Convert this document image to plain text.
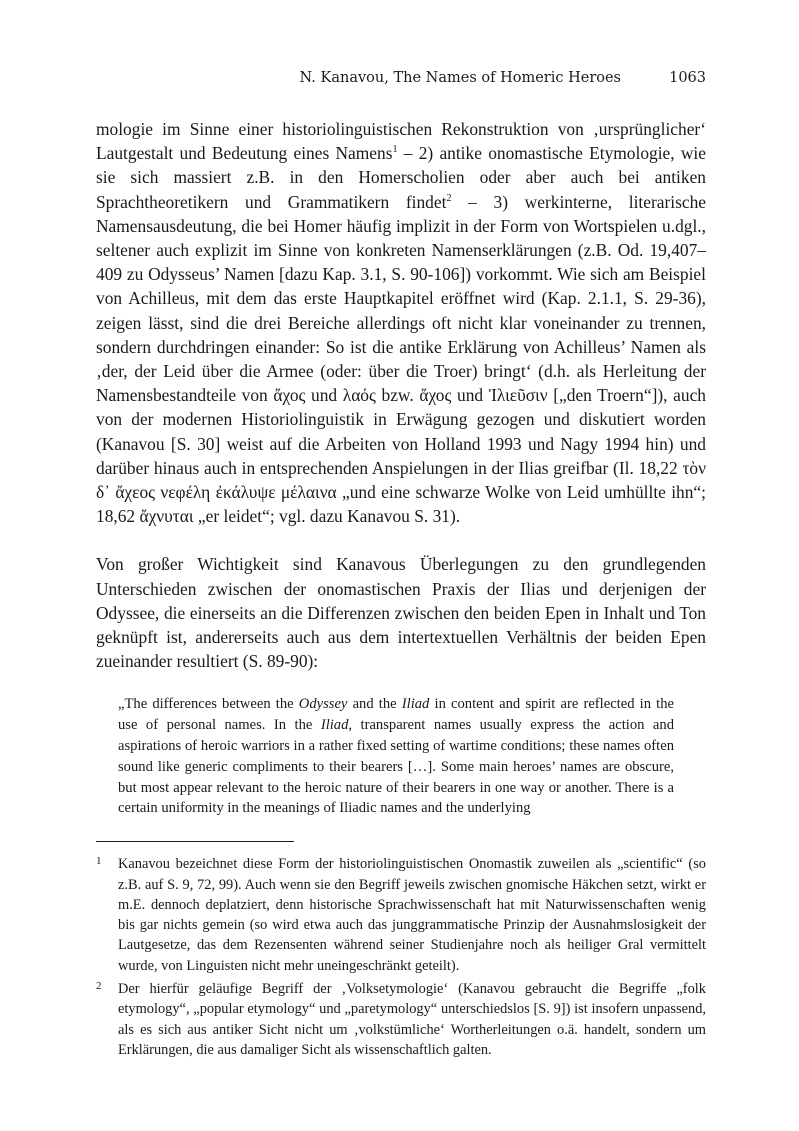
N. Kanavou, The Names of Homeric Heroes	1063

mologie im Sinne einer historiolinguistischen Rekonstruktion von ‚ursprünglicher‘ Lautgestalt und Bedeutung eines Namens$^1$ – 2) antike onomastische Etymologie, wie sie sich massiert z.B. in den Homerscholien oder aber auch bei antiken Sprachtheoretikern und Grammatikern findet$^2$ – 3) werkinterne, literarische Namensausdeutung, die bei Homer häufig implizit in der Form von Wortspielen u.dgl., seltener auch explizit im Sinne von konkreten Namenserklärungen (z.B. Od. 19,407–409 zu Odysseus’ Namen [dazu Kap. 3.1, S. 90-106]) vorkommt. Wie sich am Beispiel von Achilleus, mit dem das erste Hauptkapitel eröffnet wird (Kap. 2.1.1, S. 29-36), zeigen lässt, sind die drei Bereiche allerdings oft nicht klar voneinander zu trennen, sondern durchdringen einander: So ist die antike Erklärung von Achilleus’ Namen als ‚der, der Leid über die Armee (oder: über die Troer) bringt‘ (d.h. als Herleitung der Namensbestandteile von ἄχος und λαός bzw. ἄχος und Ἰλιεῦσιν [„den Troern“]), auch von der modernen Historiolinguistik in Erwägung gezogen und diskutiert worden (Kanavou [S. 30] weist auf die Arbeiten von Holland 1993 und Nagy 1994 hin) und darüber hinaus auch in entsprechenden Anspielungen in der Ilias greifbar (Il. 18,22 τὸν δ᾽ ἄχεος νεφέλη ἐκάλυψε μέλαινα „und eine schwarze Wolke von Leid umhüllte ihn“; 18,62 ἄχνυται „er leidet“; vgl. dazu Kanavou S. 31).

Von großer Wichtigkeit sind Kanavous Überlegungen zu den grundlegenden Unterschieden zwischen der onomastischen Praxis der Ilias und derjenigen der Odyssee, die einerseits an die Differenzen zwischen den beiden Epen in Inhalt und Ton geknüpft ist, andererseits auch aus dem intertextuellen Verhältnis der beiden Epen zueinander resultiert (S. 89-90):

„The differences between the Odyssey and the Iliad in content and spirit are reflected in the use of personal names. In the Iliad, transparent names usually express the action and aspirations of heroic warriors in a rather fixed setting of wartime conditions; these names often sound like generic compliments to their bearers […]. Some main heroes’ names are obscure, but most appear relevant to the heroic nature of their bearers in one way or another. There is a certain uniformity in the meanings of Iliadic names and the underlying
1 Kanavou bezeichnet diese Form der historiolinguistischen Onomastik zuweilen als „scientific“ (so z.B. auf S. 9, 72, 99). Auch wenn sie den Begriff jeweils zwischen gnomische Häkchen setzt, wirkt er m.E. dennoch deplatziert, denn historische Sprachwissenschaft hat mit Naturwissenschaften wenig bis gar nichts gemein (so wird etwa auch das junggrammatische Prinzip der Ausnahmslosigkeit der Lautgesetze, das dem Rezensenten während seiner Studienjahre noch als heiliger Gral vermittelt wurde, von Linguisten nicht mehr uneingeschränkt geteilt).
2 Der hierfür geläufige Begriff der ‚Volksetymologie‘ (Kanavou gebraucht die Begriffe „folk etymology“, „popular etymology“ und „paretymology“ unterschiedslos [S. 9]) ist insofern unpassend, als es sich aus antiker Sicht nicht um ‚volkstümliche‘ Wortherleitungen o.ä. handelt, sondern um Erklärungen, die aus damaliger Sicht als wissenschaftlich galten.
